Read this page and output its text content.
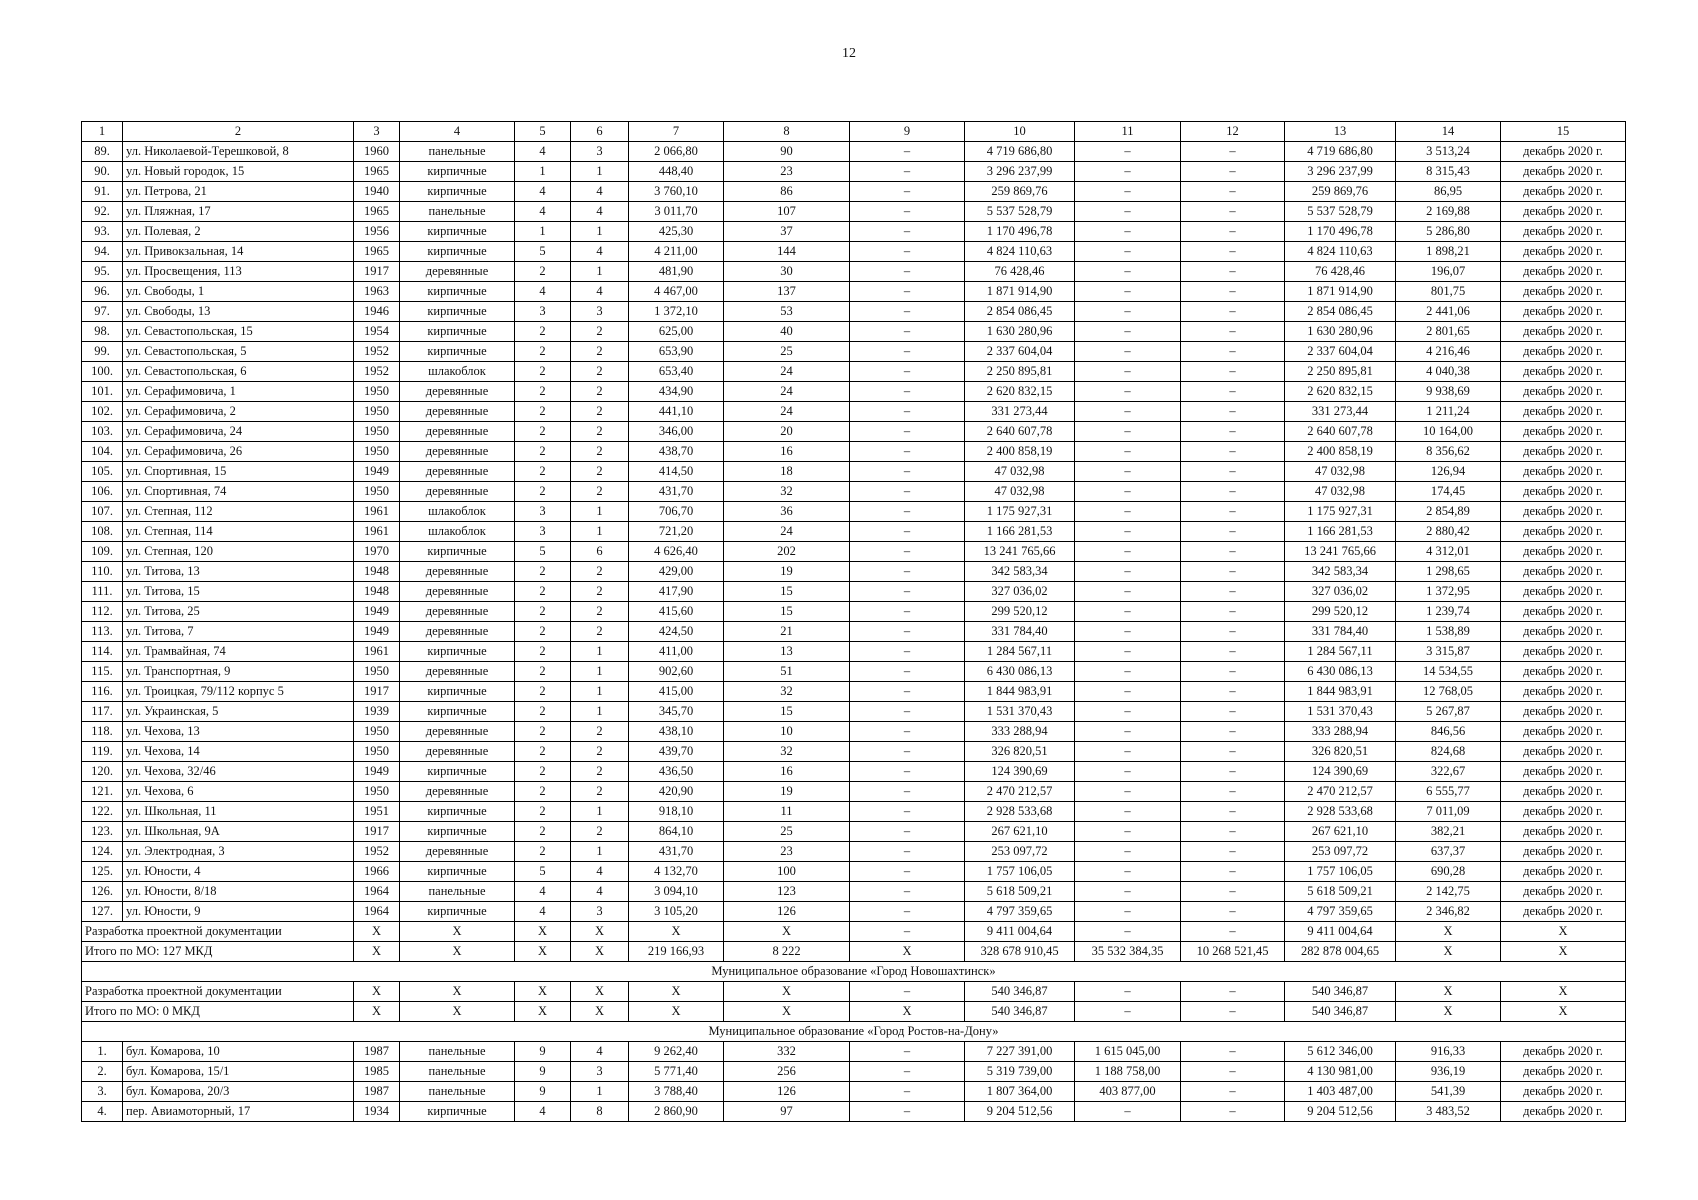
12
1	2	3	4	5	6	7	8	9	10	11	12	13	14	15
89.	ул. Николаевой-Терешковой, 8	1960	панельные	4	3	2 066,80	90	–	4 719 686,80	–	–	4 719 686,80	3 513,24	декабрь 2020 г.
90.	ул. Новый городок, 15	1965	кирпичные	1	1	448,40	23	–	3 296 237,99	–	–	3 296 237,99	8 315,43	декабрь 2020 г.
91.	ул. Петрова, 21	1940	кирпичные	4	4	3 760,10	86	–	259 869,76	–	–	259 869,76	86,95	декабрь 2020 г.
92.	ул. Пляжная, 17	1965	панельные	4	4	3 011,70	107	–	5 537 528,79	–	–	5 537 528,79	2 169,88	декабрь 2020 г.
93.	ул. Полевая, 2	1956	кирпичные	1	1	425,30	37	–	1 170 496,78	–	–	1 170 496,78	5 286,80	декабрь 2020 г.
94.	ул. Привокзальная, 14	1965	кирпичные	5	4	4 211,00	144	–	4 824 110,63	–	–	4 824 110,63	1 898,21	декабрь 2020 г.
95.	ул. Просвещения, 113	1917	деревянные	2	1	481,90	30	–	76 428,46	–	–	76 428,46	196,07	декабрь 2020 г.
96.	ул. Свободы, 1	1963	кирпичные	4	4	4 467,00	137	–	1 871 914,90	–	–	1 871 914,90	801,75	декабрь 2020 г.
97.	ул. Свободы, 13	1946	кирпичные	3	3	1 372,10	53	–	2 854 086,45	–	–	2 854 086,45	2 441,06	декабрь 2020 г.
98.	ул. Севастопольская, 15	1954	кирпичные	2	2	625,00	40	–	1 630 280,96	–	–	1 630 280,96	2 801,65	декабрь 2020 г.
99.	ул. Севастопольская, 5	1952	кирпичные	2	2	653,90	25	–	2 337 604,04	–	–	2 337 604,04	4 216,46	декабрь 2020 г.
100.	ул. Севастопольская, 6	1952	шлакоблок	2	2	653,40	24	–	2 250 895,81	–	–	2 250 895,81	4 040,38	декабрь 2020 г.
101.	ул. Серафимовича, 1	1950	деревянные	2	2	434,90	24	–	2 620 832,15	–	–	2 620 832,15	9 938,69	декабрь 2020 г.
102.	ул. Серафимовича, 2	1950	деревянные	2	2	441,10	24	–	331 273,44	–	–	331 273,44	1 211,24	декабрь 2020 г.
103.	ул. Серафимовича, 24	1950	деревянные	2	2	346,00	20	–	2 640 607,78	–	–	2 640 607,78	10 164,00	декабрь 2020 г.
104.	ул. Серафимовича, 26	1950	деревянные	2	2	438,70	16	–	2 400 858,19	–	–	2 400 858,19	8 356,62	декабрь 2020 г.
105.	ул. Спортивная, 15	1949	деревянные	2	2	414,50	18	–	47 032,98	–	–	47 032,98	126,94	декабрь 2020 г.
106.	ул. Спортивная, 74	1950	деревянные	2	2	431,70	32	–	47 032,98	–	–	47 032,98	174,45	декабрь 2020 г.
107.	ул. Степная, 112	1961	шлакоблок	3	1	706,70	36	–	1 175 927,31	–	–	1 175 927,31	2 854,89	декабрь 2020 г.
108.	ул. Степная, 114	1961	шлакоблок	3	1	721,20	24	–	1 166 281,53	–	–	1 166 281,53	2 880,42	декабрь 2020 г.
109.	ул. Степная, 120	1970	кирпичные	5	6	4 626,40	202	–	13 241 765,66	–	–	13 241 765,66	4 312,01	декабрь 2020 г.
110.	ул. Титова, 13	1948	деревянные	2	2	429,00	19	–	342 583,34	–	–	342 583,34	1 298,65	декабрь 2020 г.
111.	ул. Титова, 15	1948	деревянные	2	2	417,90	15	–	327 036,02	–	–	327 036,02	1 372,95	декабрь 2020 г.
112.	ул. Титова, 25	1949	деревянные	2	2	415,60	15	–	299 520,12	–	–	299 520,12	1 239,74	декабрь 2020 г.
113.	ул. Титова, 7	1949	деревянные	2	2	424,50	21	–	331 784,40	–	–	331 784,40	1 538,89	декабрь 2020 г.
114.	ул. Трамвайная, 74	1961	кирпичные	2	1	411,00	13	–	1 284 567,11	–	–	1 284 567,11	3 315,87	декабрь 2020 г.
115.	ул. Транспортная, 9	1950	деревянные	2	1	902,60	51	–	6 430 086,13	–	–	6 430 086,13	14 534,55	декабрь 2020 г.
116.	ул. Троицкая, 79/112 корпус 5	1917	кирпичные	2	1	415,00	32	–	1 844 983,91	–	–	1 844 983,91	12 768,05	декабрь 2020 г.
117.	ул. Украинская, 5	1939	кирпичные	2	1	345,70	15	–	1 531 370,43	–	–	1 531 370,43	5 267,87	декабрь 2020 г.
118.	ул. Чехова, 13	1950	деревянные	2	2	438,10	10	–	333 288,94	–	–	333 288,94	846,56	декабрь 2020 г.
119.	ул. Чехова, 14	1950	деревянные	2	2	439,70	32	–	326 820,51	–	–	326 820,51	824,68	декабрь 2020 г.
120.	ул. Чехова, 32/46	1949	кирпичные	2	2	436,50	16	–	124 390,69	–	–	124 390,69	322,67	декабрь 2020 г.
121.	ул. Чехова, 6	1950	деревянные	2	2	420,90	19	–	2 470 212,57	–	–	2 470 212,57	6 555,77	декабрь 2020 г.
122.	ул. Школьная, 11	1951	кирпичные	2	1	918,10	11	–	2 928 533,68	–	–	2 928 533,68	7 011,09	декабрь 2020 г.
123.	ул. Школьная, 9А	1917	кирпичные	2	2	864,10	25	–	267 621,10	–	–	267 621,10	382,21	декабрь 2020 г.
124.	ул. Электродная, 3	1952	деревянные	2	1	431,70	23	–	253 097,72	–	–	253 097,72	637,37	декабрь 2020 г.
125.	ул. Юности, 4	1966	кирпичные	5	4	4 132,70	100	–	1 757 106,05	–	–	1 757 106,05	690,28	декабрь 2020 г.
126.	ул. Юности, 8/18	1964	панельные	4	4	3 094,10	123	–	5 618 509,21	–	–	5 618 509,21	2 142,75	декабрь 2020 г.
127.	ул. Юности, 9	1964	кирпичные	4	3	3 105,20	126	–	4 797 359,65	–	–	4 797 359,65	2 346,82	декабрь 2020 г.
Разработка проектной документации		X	X	X	X	X	X	–	9 411 004,64	–	–	9 411 004,64	X	X
Итого по МО: 127 МКД		X	X	X	X	219 166,93	8 222	X	328 678 910,45	35 532 384,35	10 268 521,45	282 878 004,65	X	X
Муниципальное образование «Город Новошахтинск»														
Разработка проектной документации		X	X	X	X	X	X	–	540 346,87	–	–	540 346,87	X	X
Итого по МО: 0 МКД		X	X	X	X	X	X	X	540 346,87	–	–	540 346,87	X	X
Муниципальное образование «Город Ростов-на-Дону»														
1.	бул. Комарова, 10	1987	панельные	9	4	9 262,40	332	–	7 227 391,00	1 615 045,00	–	5 612 346,00	916,33	декабрь 2020 г.
2.	бул. Комарова, 15/1	1985	панельные	9	3	5 771,40	256	–	5 319 739,00	1 188 758,00	–	4 130 981,00	936,19	декабрь 2020 г.
3.	бул. Комарова, 20/3	1987	панельные	9	1	3 788,40	126	–	1 807 364,00	403 877,00	–	1 403 487,00	541,39	декабрь 2020 г.
4.	пер. Авиамоторный, 17	1934	кирпичные	4	8	2 860,90	97	–	9 204 512,56	–	–	9 204 512,56	3 483,52	декабрь 2020 г.
